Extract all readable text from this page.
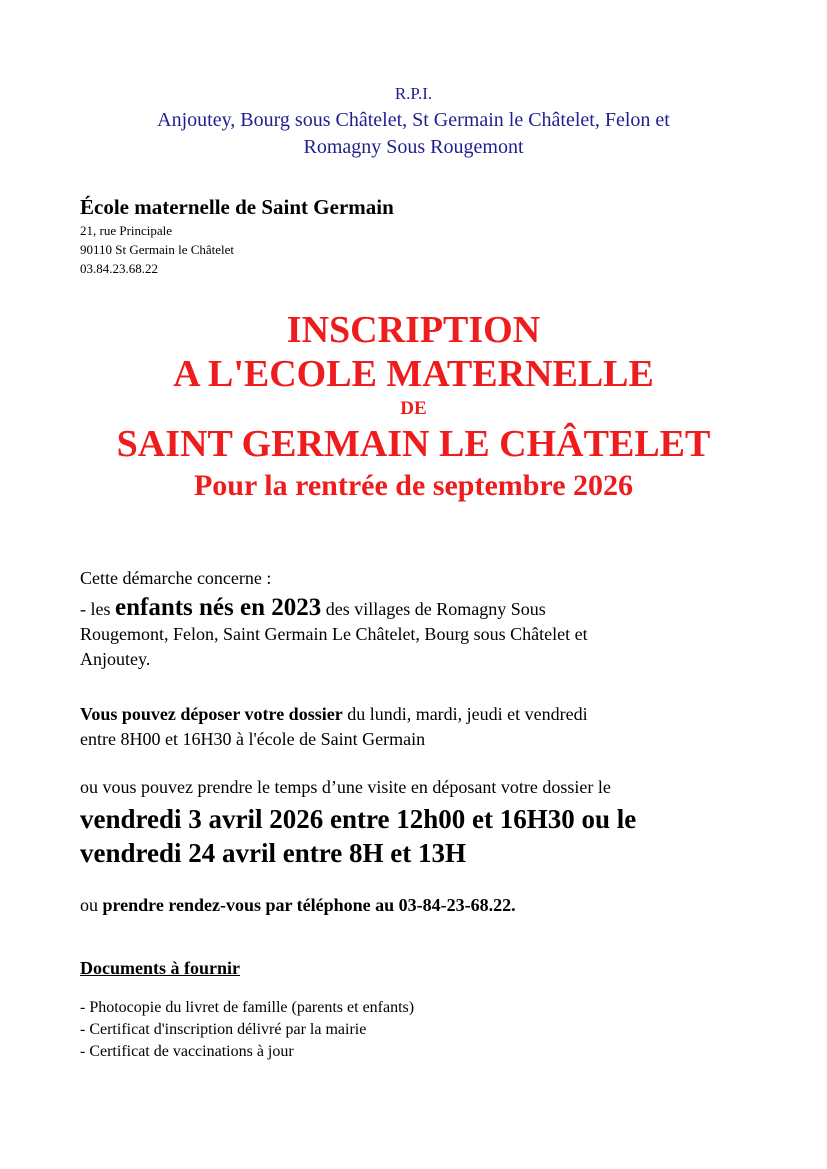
R.P.I.
Anjoutey, Bourg sous Châtelet, St Germain le Châtelet, Felon et
Romagny Sous Rougemont
École maternelle de Saint Germain
21, rue Principale
90110 St Germain le Châtelet
03.84.23.68.22
INSCRIPTION
A L'ECOLE MATERNELLE
DE
SAINT GERMAIN LE CHÂTELET
Pour la rentrée de septembre 2026
Cette démarche concerne :
- les enfants nés en 2023 des villages de Romagny Sous
Rougemont, Felon, Saint Germain Le Châtelet, Bourg sous Châtelet et
Anjoutey.
Vous pouvez déposer votre dossier du lundi, mardi, jeudi et vendredi
entre 8H00 et 16H30 à l'école de Saint Germain
ou vous pouvez prendre le temps d’une visite en déposant votre dossier le
vendredi 3 avril 2026 entre 12h00 et 16H30 ou le
vendredi 24 avril entre 8H et 13H
ou prendre rendez-vous par téléphone au 03-84-23-68.22.
Documents à fournir
- Photocopie du livret de famille (parents et enfants)
- Certificat d'inscription délivré par la mairie
- Certificat de vaccinations à jour
